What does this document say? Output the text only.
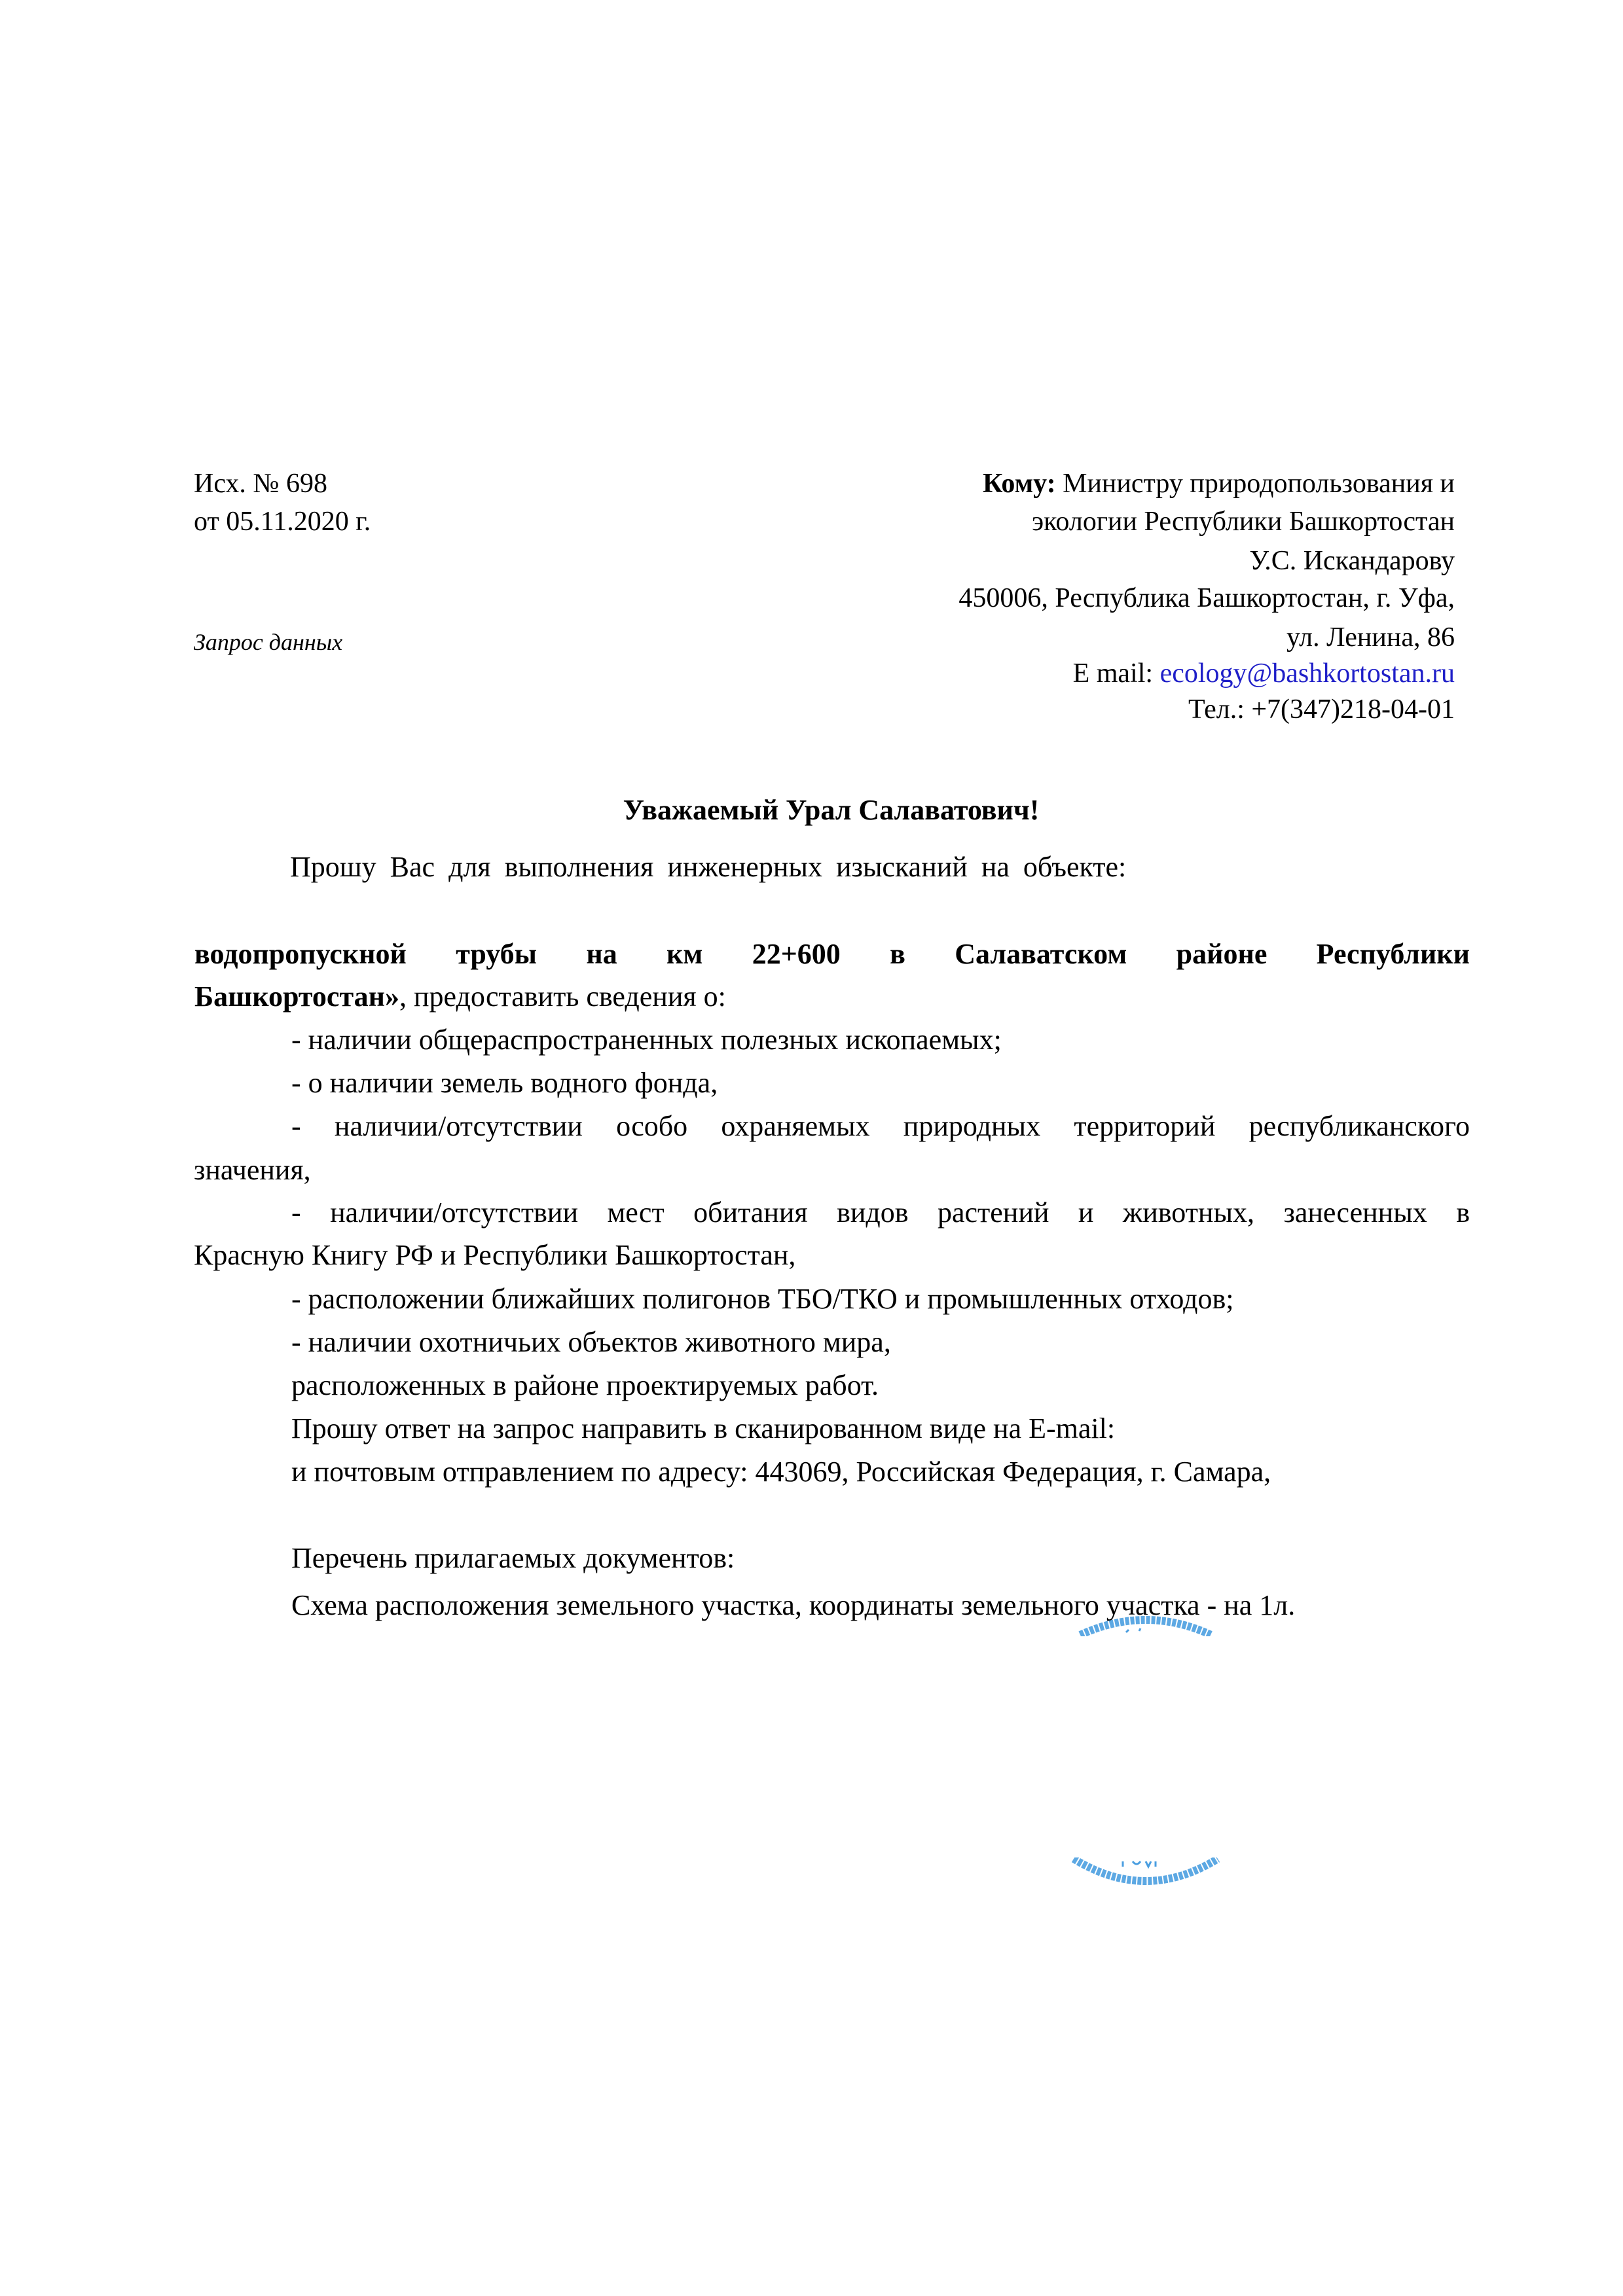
Исх. № 698
от 05.11.2020 г.
Запрос данных
Кому: Министру природопользования и
экологии Республики Башкортостан
У.С. Искандарову
450006, Республика Башкортостан, г. Уфа,
ул. Ленина, 86
E mail: ecology@bashkortostan.ru
Тел.: +7(347)218-04-01
Уважаемый Урал Салаватович!
Прошу Вас для выполнения инженерных изысканий на объекте:
водопропускной трубы на км 22+600 в Салаватском районе Республики
Башкортостан», предоставить сведения о:
- наличии общераспространенных полезных ископаемых;
- о наличии земель водного фонда,
- наличии/отсутствии особо охраняемых природных территорий республиканского
значения,
- наличии/отсутствии мест обитания видов растений и животных, занесенных в
Красную Книгу РФ и Республики Башкортостан,
- расположении ближайших полигонов ТБО/ТКО и промышленных отходов;
- наличии охотничьих объектов животного мира,
расположенных в районе проектируемых работ.
Прошу ответ на запрос направить в сканированном виде на E-mail:
и почтовым отправлением по адресу: 443069, Российская Федерация, г. Самара,
Перечень прилагаемых документов:
Схема расположения земельного участка, координаты земельного участка - на 1л.
